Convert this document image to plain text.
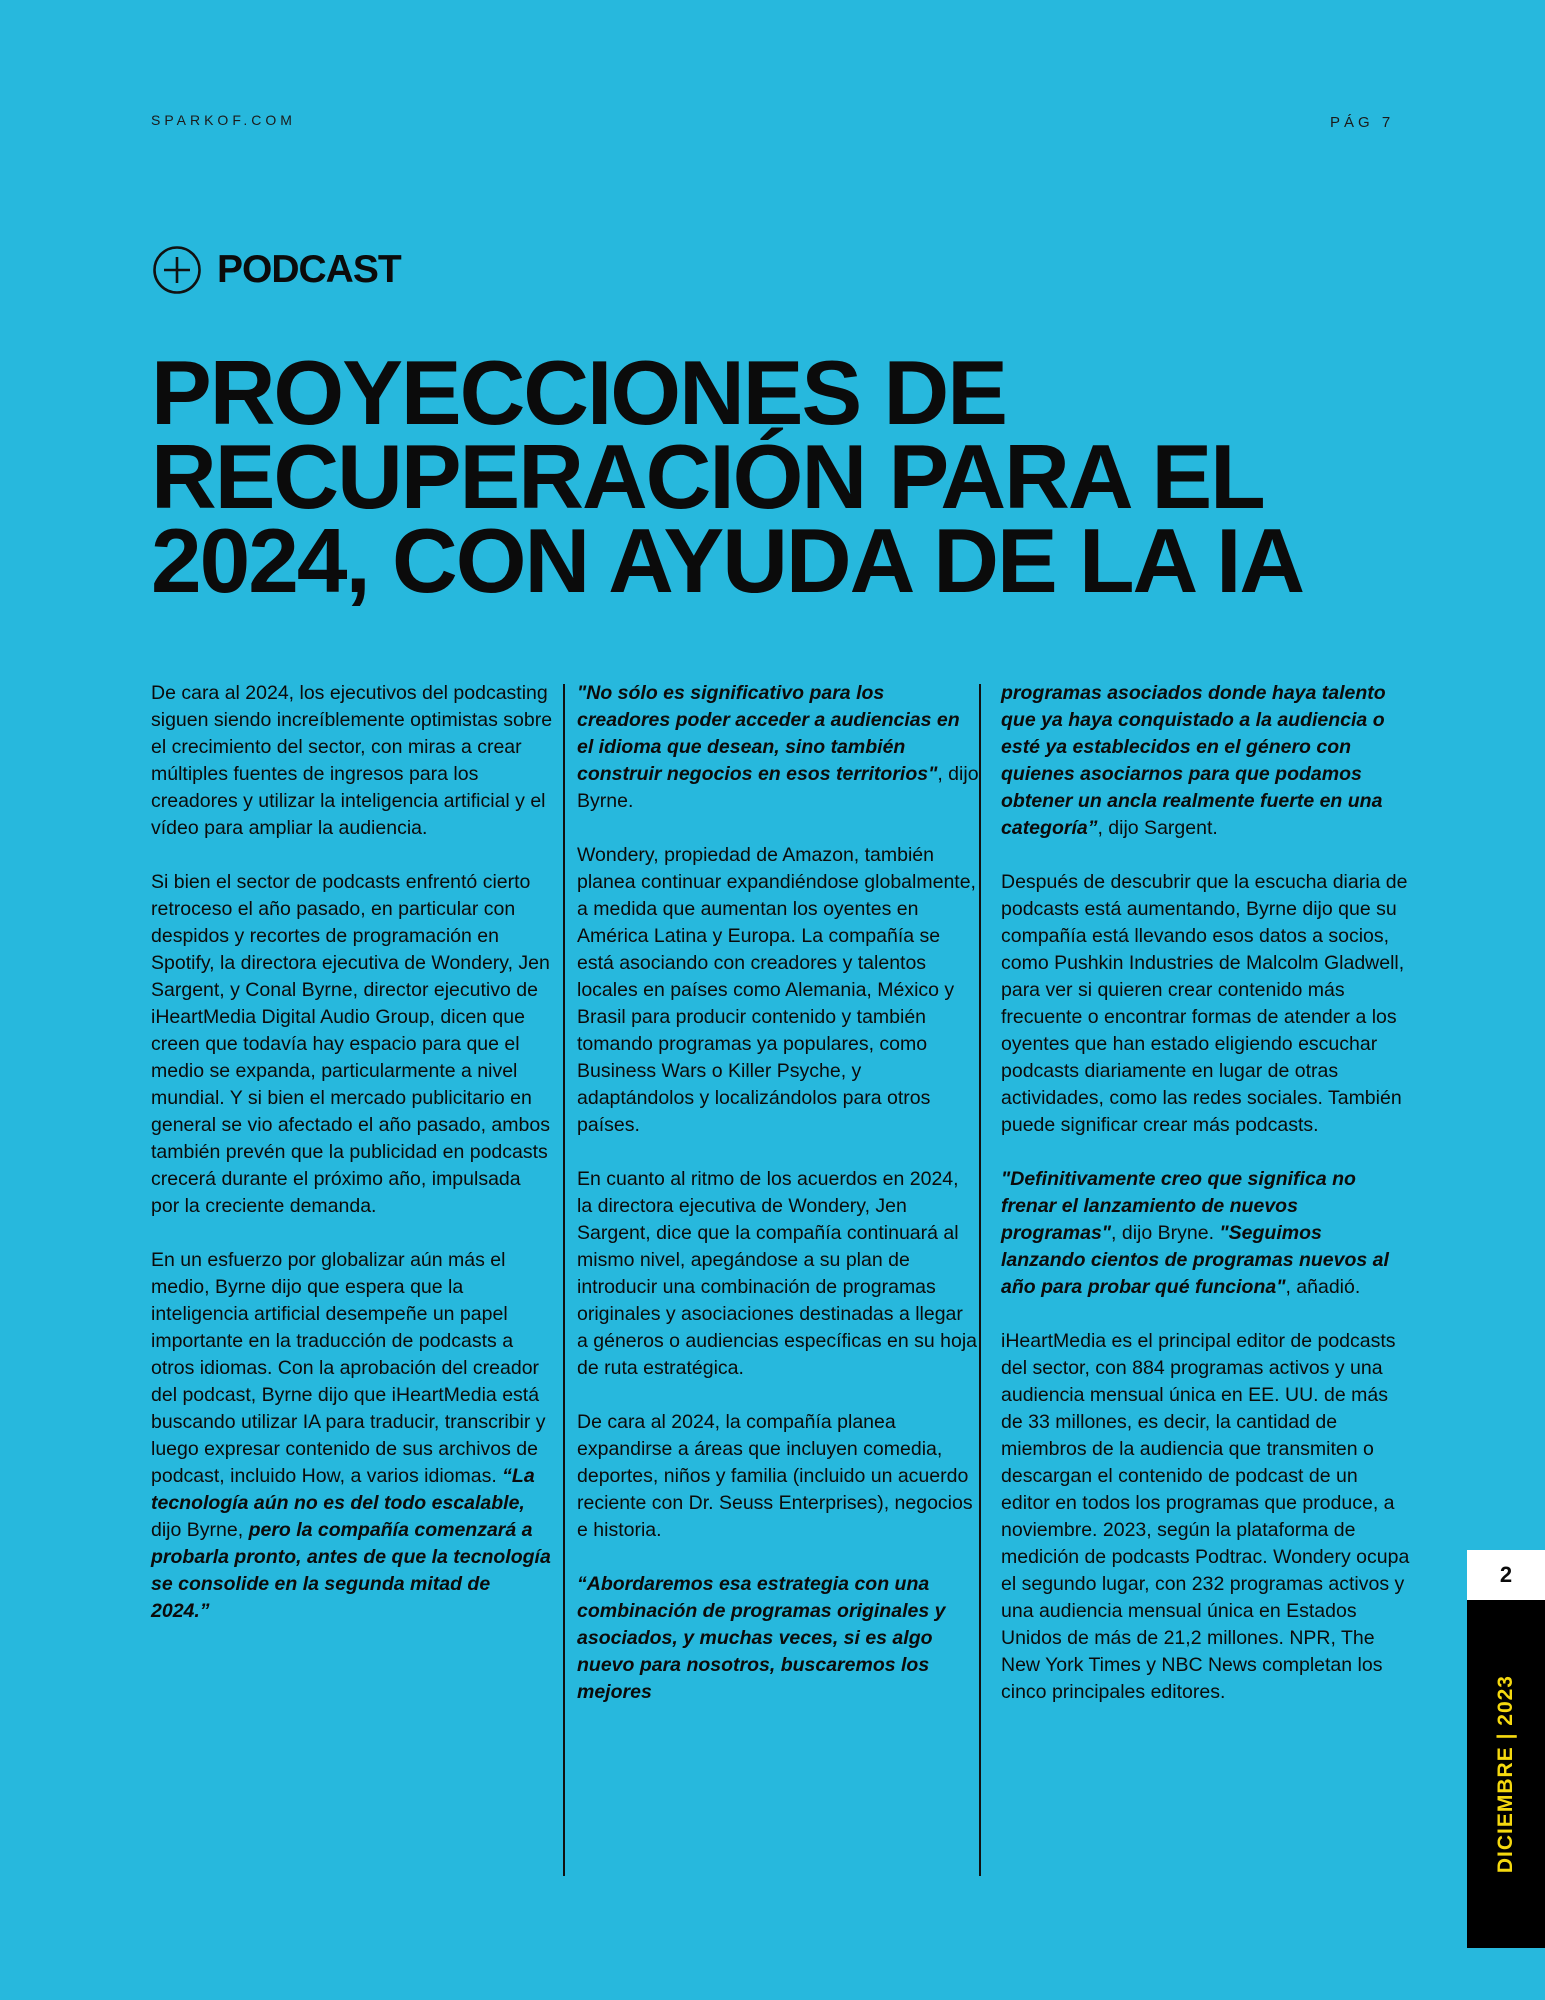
SPARKOF.COM	PÁG 7
PODCAST
PROYECCIONES DE
RECUPERACIÓN PARA EL
2024, CON AYUDA DE LA IA

De cara al 2024, los ejecutivos del podcasting siguen siendo increíblemente optimistas sobre el crecimiento del sector, con miras a crear múltiples fuentes de ingresos para los creadores y utilizar la inteligencia artificial y el vídeo para ampliar la audiencia.

Si bien el sector de podcasts enfrentó cierto retroceso el año pasado, en particular con despidos y recortes de programación en Spotify, la directora ejecutiva de Wondery, Jen Sargent, y Conal Byrne, director ejecutivo de iHeartMedia Digital Audio Group, dicen que creen que todavía hay espacio para que el medio se expanda, particularmente a nivel mundial. Y si bien el mercado publicitario en general se vio afectado el año pasado, ambos también prevén que la publicidad en podcasts crecerá durante el próximo año, impulsada por la creciente demanda.

En un esfuerzo por globalizar aún más el medio, Byrne dijo que espera que la inteligencia artificial desempeñe un papel importante en la traducción de podcasts a otros idiomas. Con la aprobación del creador del podcast, Byrne dijo que iHeartMedia está buscando utilizar IA para traducir, transcribir y luego expresar contenido de sus archivos de podcast, incluido How, a varios idiomas. “La tecnología aún no es del todo escalable, dijo Byrne, pero la compañía comenzará a probarla pronto, antes de que la tecnología se consolide en la segunda mitad de 2024.”

"No sólo es significativo para los creadores poder acceder a audiencias en el idioma que desean, sino también construir negocios en esos territorios", dijo Byrne.

Wondery, propiedad de Amazon, también planea continuar expandiéndose globalmente, a medida que aumentan los oyentes en América Latina y Europa. La compañía se está asociando con creadores y talentos locales en países como Alemania, México y Brasil para producir contenido y también tomando programas ya populares, como Business Wars o Killer Psyche, y adaptándolos y localizándolos para otros países.

En cuanto al ritmo de los acuerdos en 2024, la directora ejecutiva de Wondery, Jen Sargent, dice que la compañía continuará al mismo nivel, apegándose a su plan de introducir una combinación de programas originales y asociaciones destinadas a llegar a géneros o audiencias específicas en su hoja de ruta estratégica.

De cara al 2024, la compañía planea expandirse a áreas que incluyen comedia, deportes, niños y familia (incluido un acuerdo reciente con Dr. Seuss Enterprises), negocios e historia.

“Abordaremos esa estrategia con una combinación de programas originales y asociados, y muchas veces, si es algo nuevo para nosotros, buscaremos los mejores

programas asociados donde haya talento que ya haya conquistado a la audiencia o esté ya establecidos en el género con quienes asociarnos para que podamos obtener un ancla realmente fuerte en una categoría”, dijo Sargent.

Después de descubrir que la escucha diaria de podcasts está aumentando, Byrne dijo que su compañía está llevando esos datos a socios, como Pushkin Industries de Malcolm Gladwell, para ver si quieren crear contenido más frecuente o encontrar formas de atender a los oyentes que han estado eligiendo escuchar podcasts diariamente en lugar de otras actividades, como las redes sociales. También puede significar crear más podcasts.

"Definitivamente creo que significa no frenar el lanzamiento de nuevos programas", dijo Bryne. "Seguimos lanzando cientos de programas nuevos al año para probar qué funciona", añadió.

iHeartMedia es el principal editor de podcasts del sector, con 884 programas activos y una audiencia mensual única en EE. UU. de más de 33 millones, es decir, la cantidad de miembros de la audiencia que transmiten o descargan el contenido de podcast de un editor en todos los programas que produce, a noviembre. 2023, según la plataforma de medición de podcasts Podtrac. Wondery ocupa el segundo lugar, con 232 programas activos y una audiencia mensual única en Estados Unidos de más de 21,2 millones. NPR, The New York Times y NBC News completan los cinco principales editores.

2
DICIEMBRE | 2023
